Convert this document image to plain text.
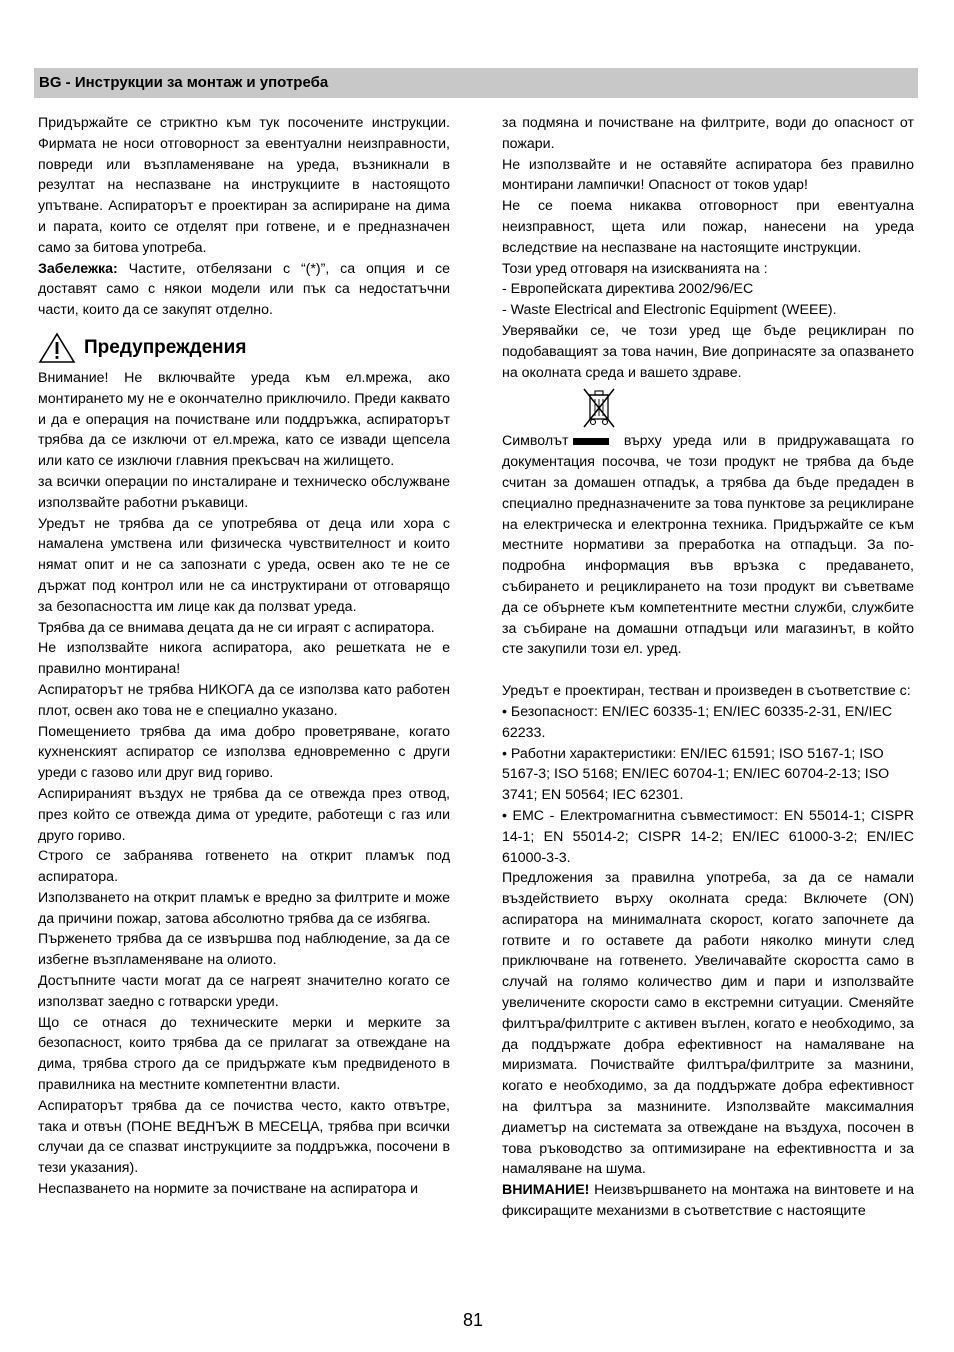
BG - Инструкции за монтаж и употреба

Придържайте се стриктно към тук посочените инструкции. Фирмата не носи отговорност за евентуални неизправности, повреди или възпламеняване на уреда, възникнали в резултат на неспазване на инструкциите в настоящото упътване. Аспираторът е проектиран за аспириране на дима и парата, които се отделят при готвене, и е предназначен само за битова употреба.

Забележка: Частите, отбелязани с “(*)”, са опция и се доставят само с някои модели или пък са недостатъчни части, които да се закупят отделно.

Предупреждения

Внимание! Не включвайте уреда към ел.мрежа, ако монтирането му не е окончателно приключило. Преди каквато и да е операция на почистване или поддръжка, аспираторът трябва да се изключи от ел.мрежа, като се извади щепсела или като се изключи главния прекъсвач на жилището.

за всички операции по инсталиране и техническо обслужване използвайте работни ръкавици.

Уредът не трябва да се употребява от деца или хора с намалена умствена или физическа чувствителност и които нямат опит и не са запознати с уреда, освен ако те не се държат под контрол или не са инструктирани от отговарящо за безопасността им лице как да ползват уреда.

Трябва да се внимава децата да не си играят с аспиратора.

Не използвайте никога аспиратора, ако решетката не е правилно монтирана!

Аспираторът не трябва НИКОГА да се използва като работен плот, освен ако това не е специално указано.

Помещението трябва да има добро проветряване, когато кухненският аспиратор се използва едновременно с други уреди с газово или друг вид гориво.

Аспирираният въздух не трябва да се отвежда през отвод, през който се отвежда дима от уредите, работещи с газ или друго гориво.

Строго се забранява готвенето на открит пламък под аспиратора.

Използването на открит пламък е вредно за филтрите и може да причини пожар, затова абсолютно трябва да се избягва.

Пърженето трябва да се извършва под наблюдение, за да се избегне възпламеняване на олиото.

Достъпните части могат да се нагреят значително когато се използват заедно с готварски уреди.

Що се отнася до техническите мерки и мерките за безопасност, които трябва да се прилагат за отвеждане на дима, трябва строго да се придържате към предвиденото в правилника на местните компетентни власти.

Аспираторът трябва да се почиства често, както отвътре, така и отвън (ПОНЕ ВЕДНЪЖ В МЕСЕЦА, трябва при всички случаи да се спазват инструкциите за поддръжка, посочени в тези указания).

Неспазването на нормите за почистване на аспиратора и

за подмяна и почистване на филтрите, води до опасност от пожари.

Не използвайте и не оставяйте аспиратора без правилно монтирани лампички! Опасност от токов удар!

Не се поема никаква отговорност при евентуална неизправност, щета или пожар, нанесени на уреда вследствие на неспазване на настоящите инструкции.

Този уред отговаря на изискванията на :

- Европейската директива 2002/96/EC

- Waste Electrical and Electronic Equipment (WEEE).

Уверявайки се, че този уред ще бъде рециклиран по подобаващият за това начин, Вие допринасяте за опазването на околната среда и вашето здраве.

Символът	върху уреда или в придружаващата го документация посочва, че този продукт не трябва да бъде считан за домашен отпадък, а трябва да бъде предаден в специално предназначените за това пунктове за рециклиране на електрическа и електронна техника. Придържайте се към местните нормативи за преработка на отпадъци. За по-подробна информация във връзка с предаването, събирането и рециклирането на този продукт ви съветваме да се обърнете към компетентните местни служби, службите за събиране на домашни отпадъци или магазинът, в който сте закупили този ел. уред.

Уредът е проектиран, тестван и произведен в съответствие с:

• Безопасност: EN/IEC 60335-1; EN/IEC 60335-2-31, EN/IEC 62233.

• Работни характеристики: EN/IEC 61591; ISO 5167-1; ISO 5167-3; ISO 5168; EN/IEC 60704-1; EN/IEC 60704-2-13; ISO 3741; EN 50564; IEC 62301.

• EMC - Електромагнитна съвместимост: EN 55014-1; CISPR 14-1; EN 55014-2; CISPR 14-2; EN/IEC 61000-3-2; EN/IEC 61000-3-3.

Предложения за правилна употреба, за да се намали въздействието върху околната среда: Включете (ON) аспиратора на минималната скорост, когато започнете да готвите и го оставете да работи няколко минути след приключване на готвенето. Увеличавайте скоростта само в случай на голямо количество дим и пари и използвайте увеличените скорости само в екстремни ситуации. Сменяйте филтъра/филтрите с активен въглен, когато е необходимо, за да поддържате добра ефективност на намаляване на миризмата. Почиствайте филтъра/филтрите за мазнини, когато е необходимо, за да поддържате добра ефективност на филтъра за мазнините. Използвайте максималния диаметър на системата за отвеждане на въздуха, посочен в това ръководство за оптимизиране на ефективността и за намаляване на шума.

ВНИМАНИЕ! Неизвършването на монтажа на винтовете и на фиксиращите механизми в съответствие с настоящите

81
